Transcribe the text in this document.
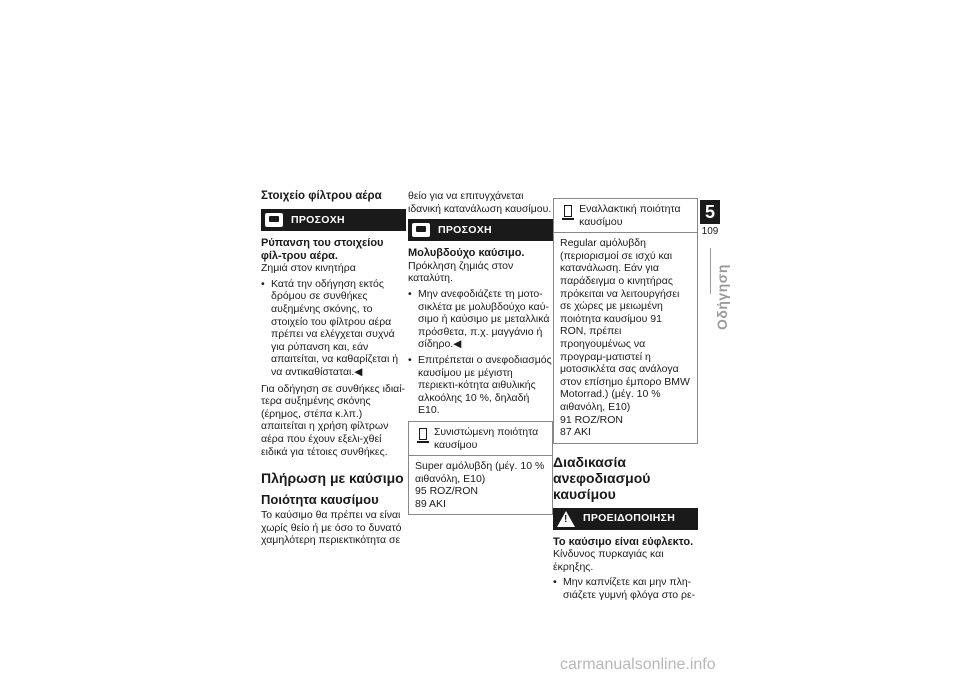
Στοιχείο φίλτρου αέρα
ΠΡΟΣΟΧΗ
Ρύπανση του στοιχείου φίλ-τρου αέρα.
Ζημιά στον κινητήρα
• Κατά την οδήγηση εκτός δρόμου σε συνθήκες αυξημένης σκόνης, το στοιχείο του φίλτρου αέρα πρέπει να ελέγχεται συχνά για ρύπανση και, εάν απαιτείται, να καθαρίζεται ή να αντικαθίσταται.◀
Για οδήγηση σε συνθήκες ιδιαί-τερα αυξημένης σκόνης (έρημος, στέπα κ.λπ.) απαιτείται η χρήση φίλτρων αέρα που έχουν εξελι-χθεί ειδικά για τέτοιες συνθήκες.
Πλήρωση με καύσιμο
Ποιότητα καυσίμου
Το καύσιμο θα πρέπει να είναι χωρίς θείο ή με όσο το δυνατό χαμηλότερη περιεκτικότητα σε
θείο για να επιτυγχάνεται ιδανική κατανάλωση καυσίμου.
ΠΡΟΣΟΧΗ
Μολυβδούχο καύσιμο.
Πρόκληση ζημιάς στον καταλύτη.
• Μην ανεφοδιάζετε τη μοτο-σικλέτα με μολυβδούχο καύ-σιμο ή καύσιμο με μεταλλικά πρόσθετα, π.χ. μαγγάνιο ή σίδηρο.◀
• Επιτρέπεται ο ανεφοδιασμός καυσίμου με μέγιστη περιεκτι-κότητα αιθυλικής αλκοόλης 10 %, δηλαδή E10.
Συνιστώμενη ποιότητα καυσίμου
Super αμόλυβδη (μέγ. 10 % αιθανόλη, E10)
95 ROZ/RON
89 AKI
Εναλλακτική ποιότητα καυσίμου
Regular αμόλυβδη (περιορισμοί σε ισχύ και κατανάλωση. Εάν για παράδειγμα ο κινητήρας πρόκειται να λειτουργήσει σε χώρες με μειωμένη ποιότητα καυσίμου 91 RON, πρέπει προηγουμένως να προγραμ-ματιστεί η μοτοσικλέτα σας ανάλογα στον επίσημο έμπορο BMW Motorrad.) (μέγ. 10 % αιθανόλη, E10)
91 ROZ/RON
87 AKI
Διαδικασία ανεφοδιασμού καυσίμου
! ΠΡΟΕΙΔΟΠΟΙΗΣΗ
Το καύσιμο είναι εύφλεκτο.
Κίνδυνος πυρκαγιάς και έκρηξης.
• Μην καπνίζετε και μην πλη-σιάζετε γυμνή φλόγα στο ρε-
5
109
Οδήγηση
carmanualsonline.info
